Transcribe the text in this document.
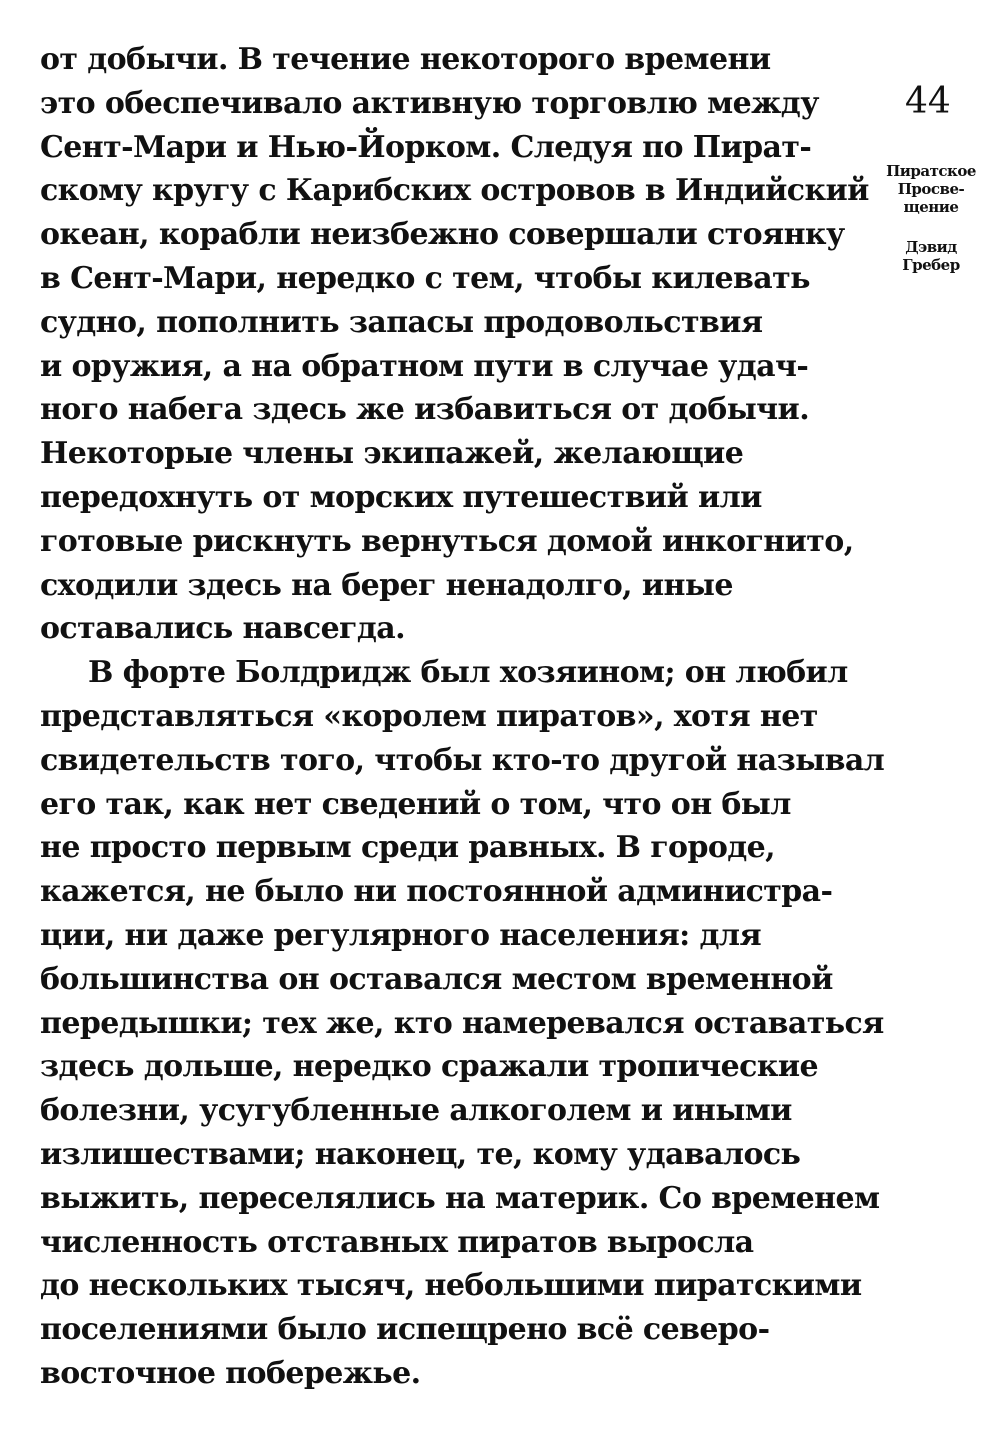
от добычи. В течение некоторого времени
это обеспечивало активную торговлю между
Сент-Мари и Нью-Йорком. Следуя по Пират-
скому кругу с Карибских островов в Индийский
океан, корабли неизбежно совершали стоянку
в Сент-Мари, нередко с тем, чтобы килевать
судно, пополнить запасы продовольствия
и оружия, а на обратном пути в случае удач-
ного набега здесь же избавиться от добычи.
Некоторые члены экипажей, желающие
передохнуть от морских путешествий или
готовые рискнуть вернуться домой инкогнито,
сходили здесь на берег ненадолго, иные
оставались навсегда.
В форте Болдридж был хозяином; он любил
представляться «королем пиратов», хотя нет
свидетельств того, чтобы кто-то другой называл
его так, как нет сведений о том, что он был
не просто первым среди равных. В городе,
кажется, не было ни постоянной администра-
ции, ни даже регулярного населения: для
большинства он оставался местом временной
передышки; тех же, кто намеревался оставаться
здесь дольше, нередко сражали тропические
болезни, усугубленные алкоголем и иными
излишествами; наконец, те, кому удавалось
выжить, переселялись на материк. Со временем
численность отставных пиратов выросла
до нескольких тысяч, небольшими пиратскими
поселениями было испещрено всё северо-
восточное побережье.
44
Пиратское
Просве-
щение
Дэвид
Гребер
